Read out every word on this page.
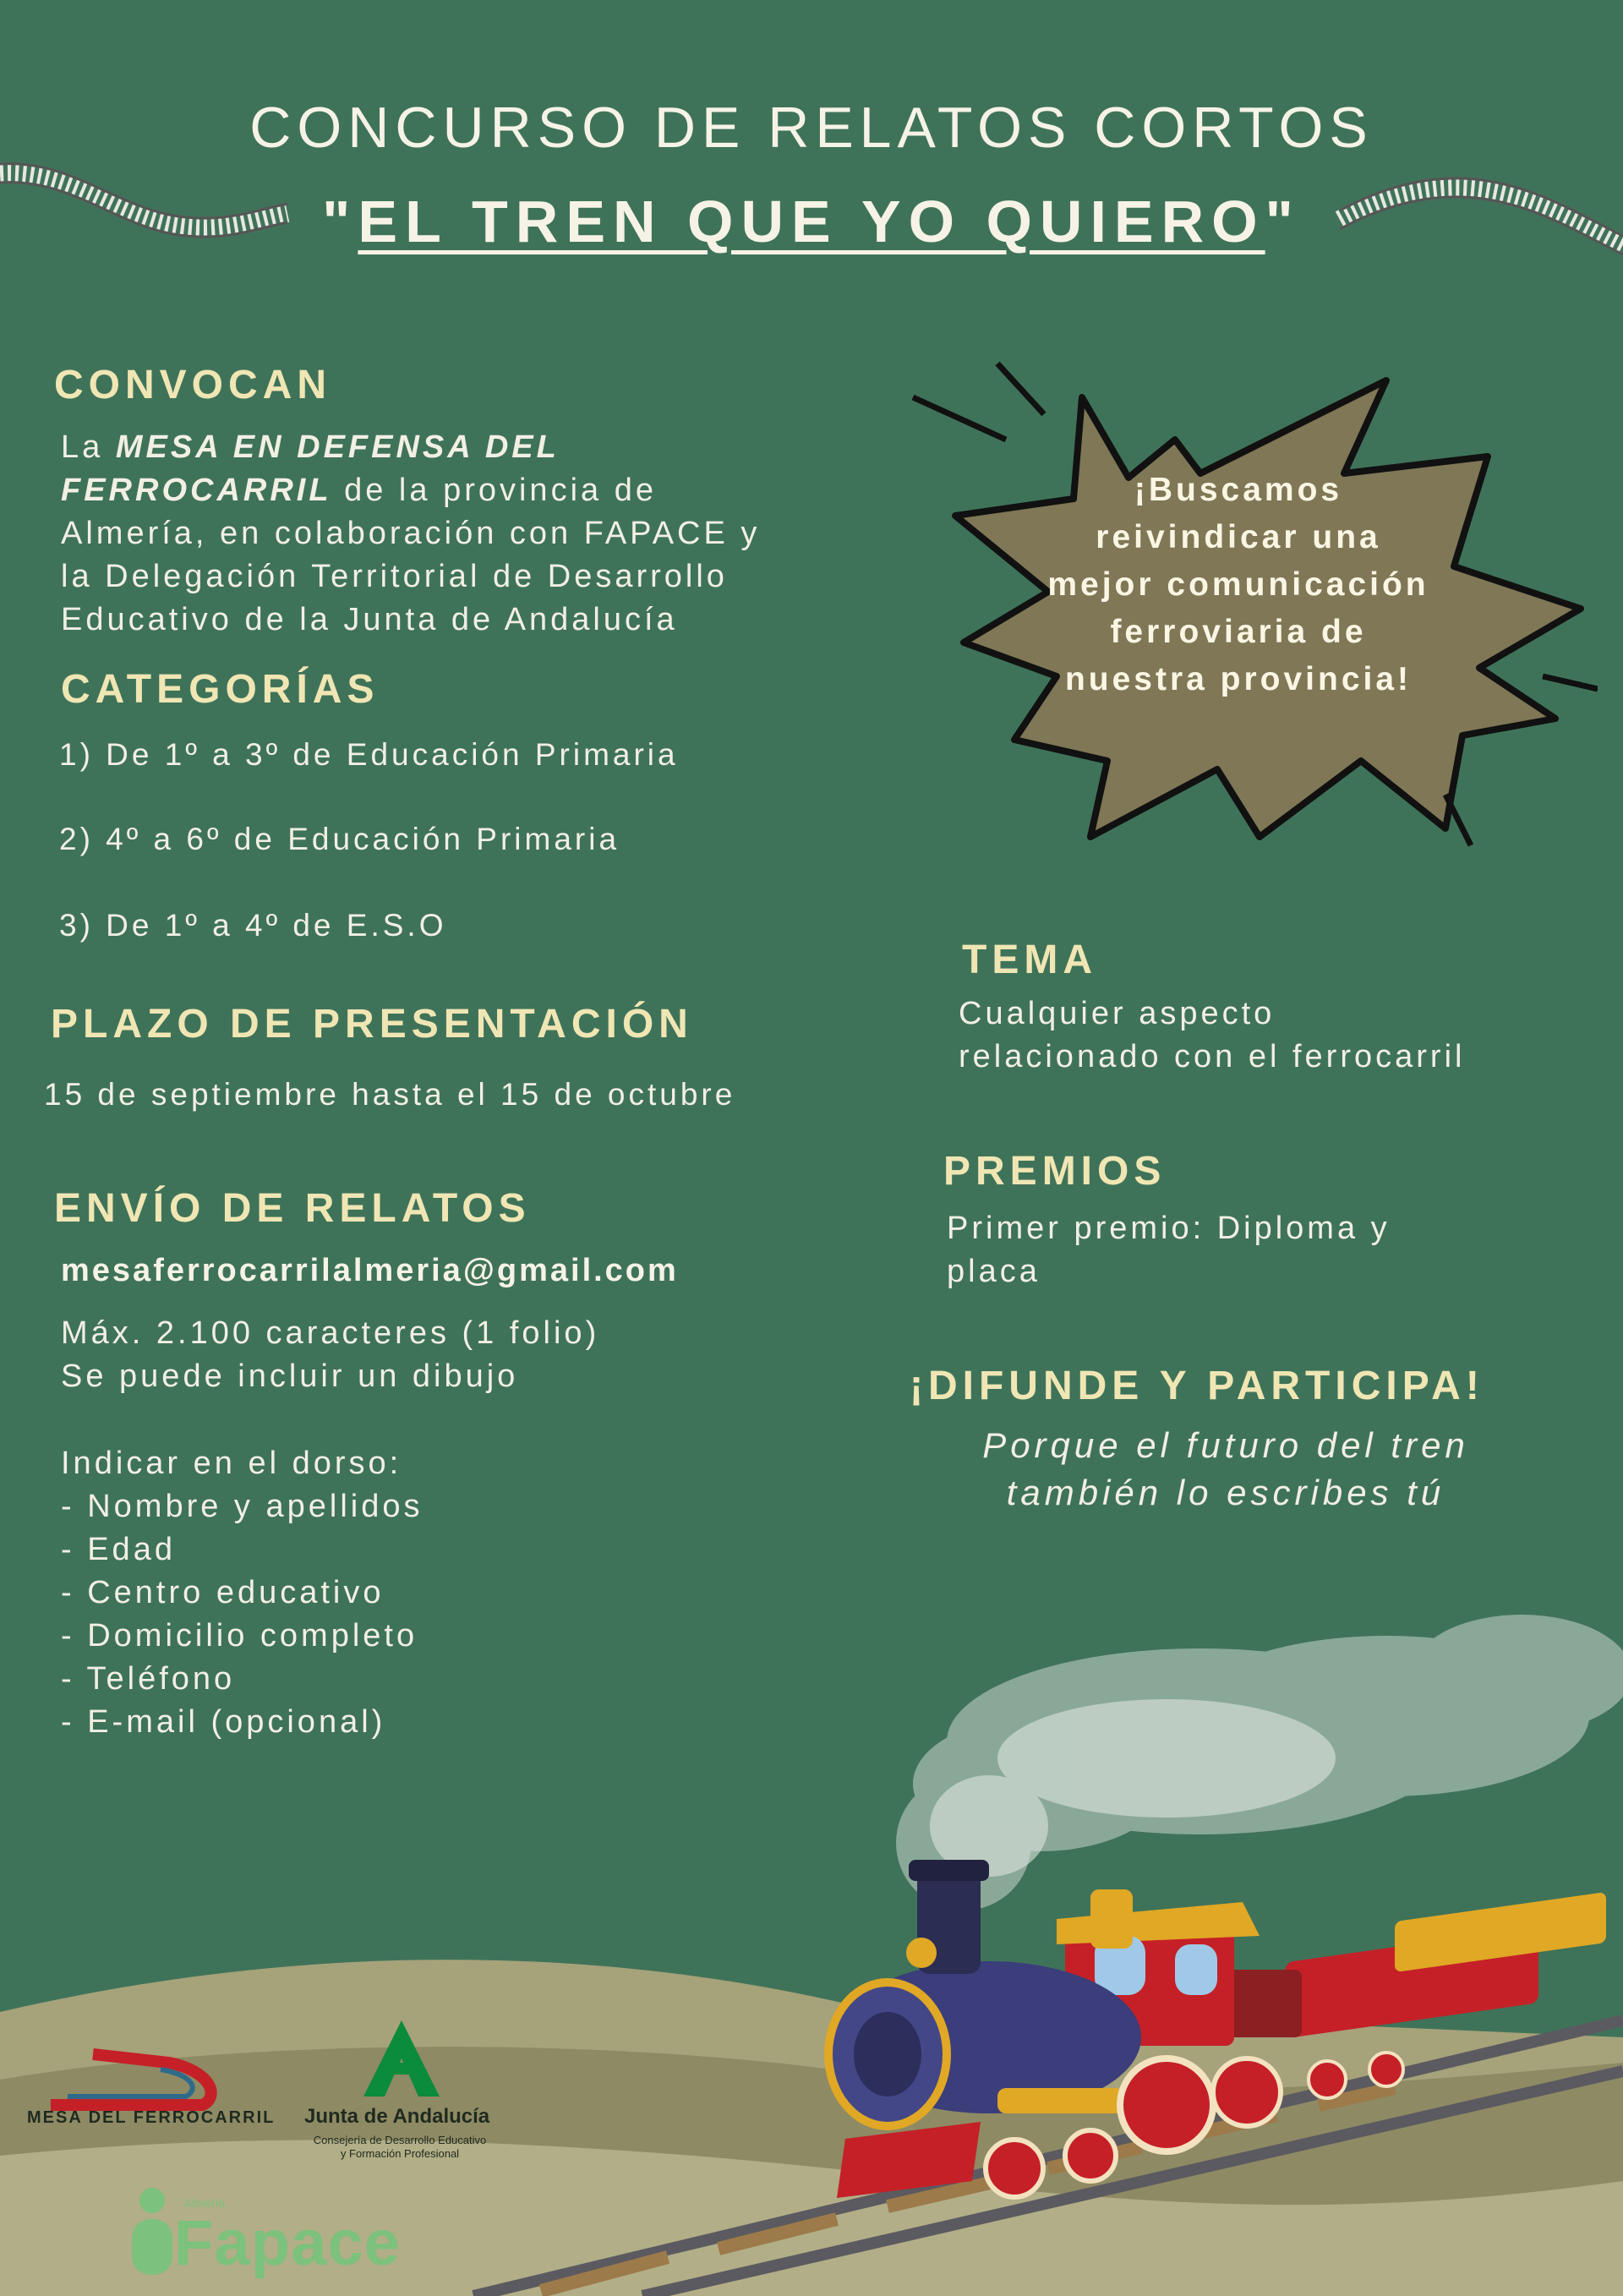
CONCURSO DE RELATOS CORTOS
"EL TREN QUE YO QUIERO"
CONVOCAN
La MESA EN DEFENSA DEL
FERROCARRIL de la provincia de
Almería, en colaboración con FAPACE y
la Delegación Territorial de Desarrollo
Educativo de la Junta de Andalucía
CATEGORÍAS
1) De 1º a 3º de Educación Primaria
2) 4º a 6º de Educación Primaria
3) De 1º a 4º de E.S.O
PLAZO DE PRESENTACIÓN
15 de septiembre hasta el 15 de octubre
ENVÍO DE RELATOS
mesaferrocarrilalmeria@gmail.com
Máx. 2.100 caracteres (1 folio)
Se puede incluir un dibujo
Indicar en el dorso:
- Nombre y apellidos
- Edad
- Centro educativo
- Domicilio completo
- Teléfono
- E-mail (opcional)
¡Buscamos
reivindicar una
mejor comunicación
ferroviaria de
nuestra provincia!
TEMA
Cualquier aspecto
relacionado con el ferrocarril
PREMIOS
Primer premio: Diploma y
placa
¡DIFUNDE Y PARTICIPA!
Porque el futuro del tren
también lo escribes tú
MESA DEL FERROCARRIL Junta de Andalucía
Consejería de Desarrollo Educativo
y Formación Profesional
Almería
Fapace
